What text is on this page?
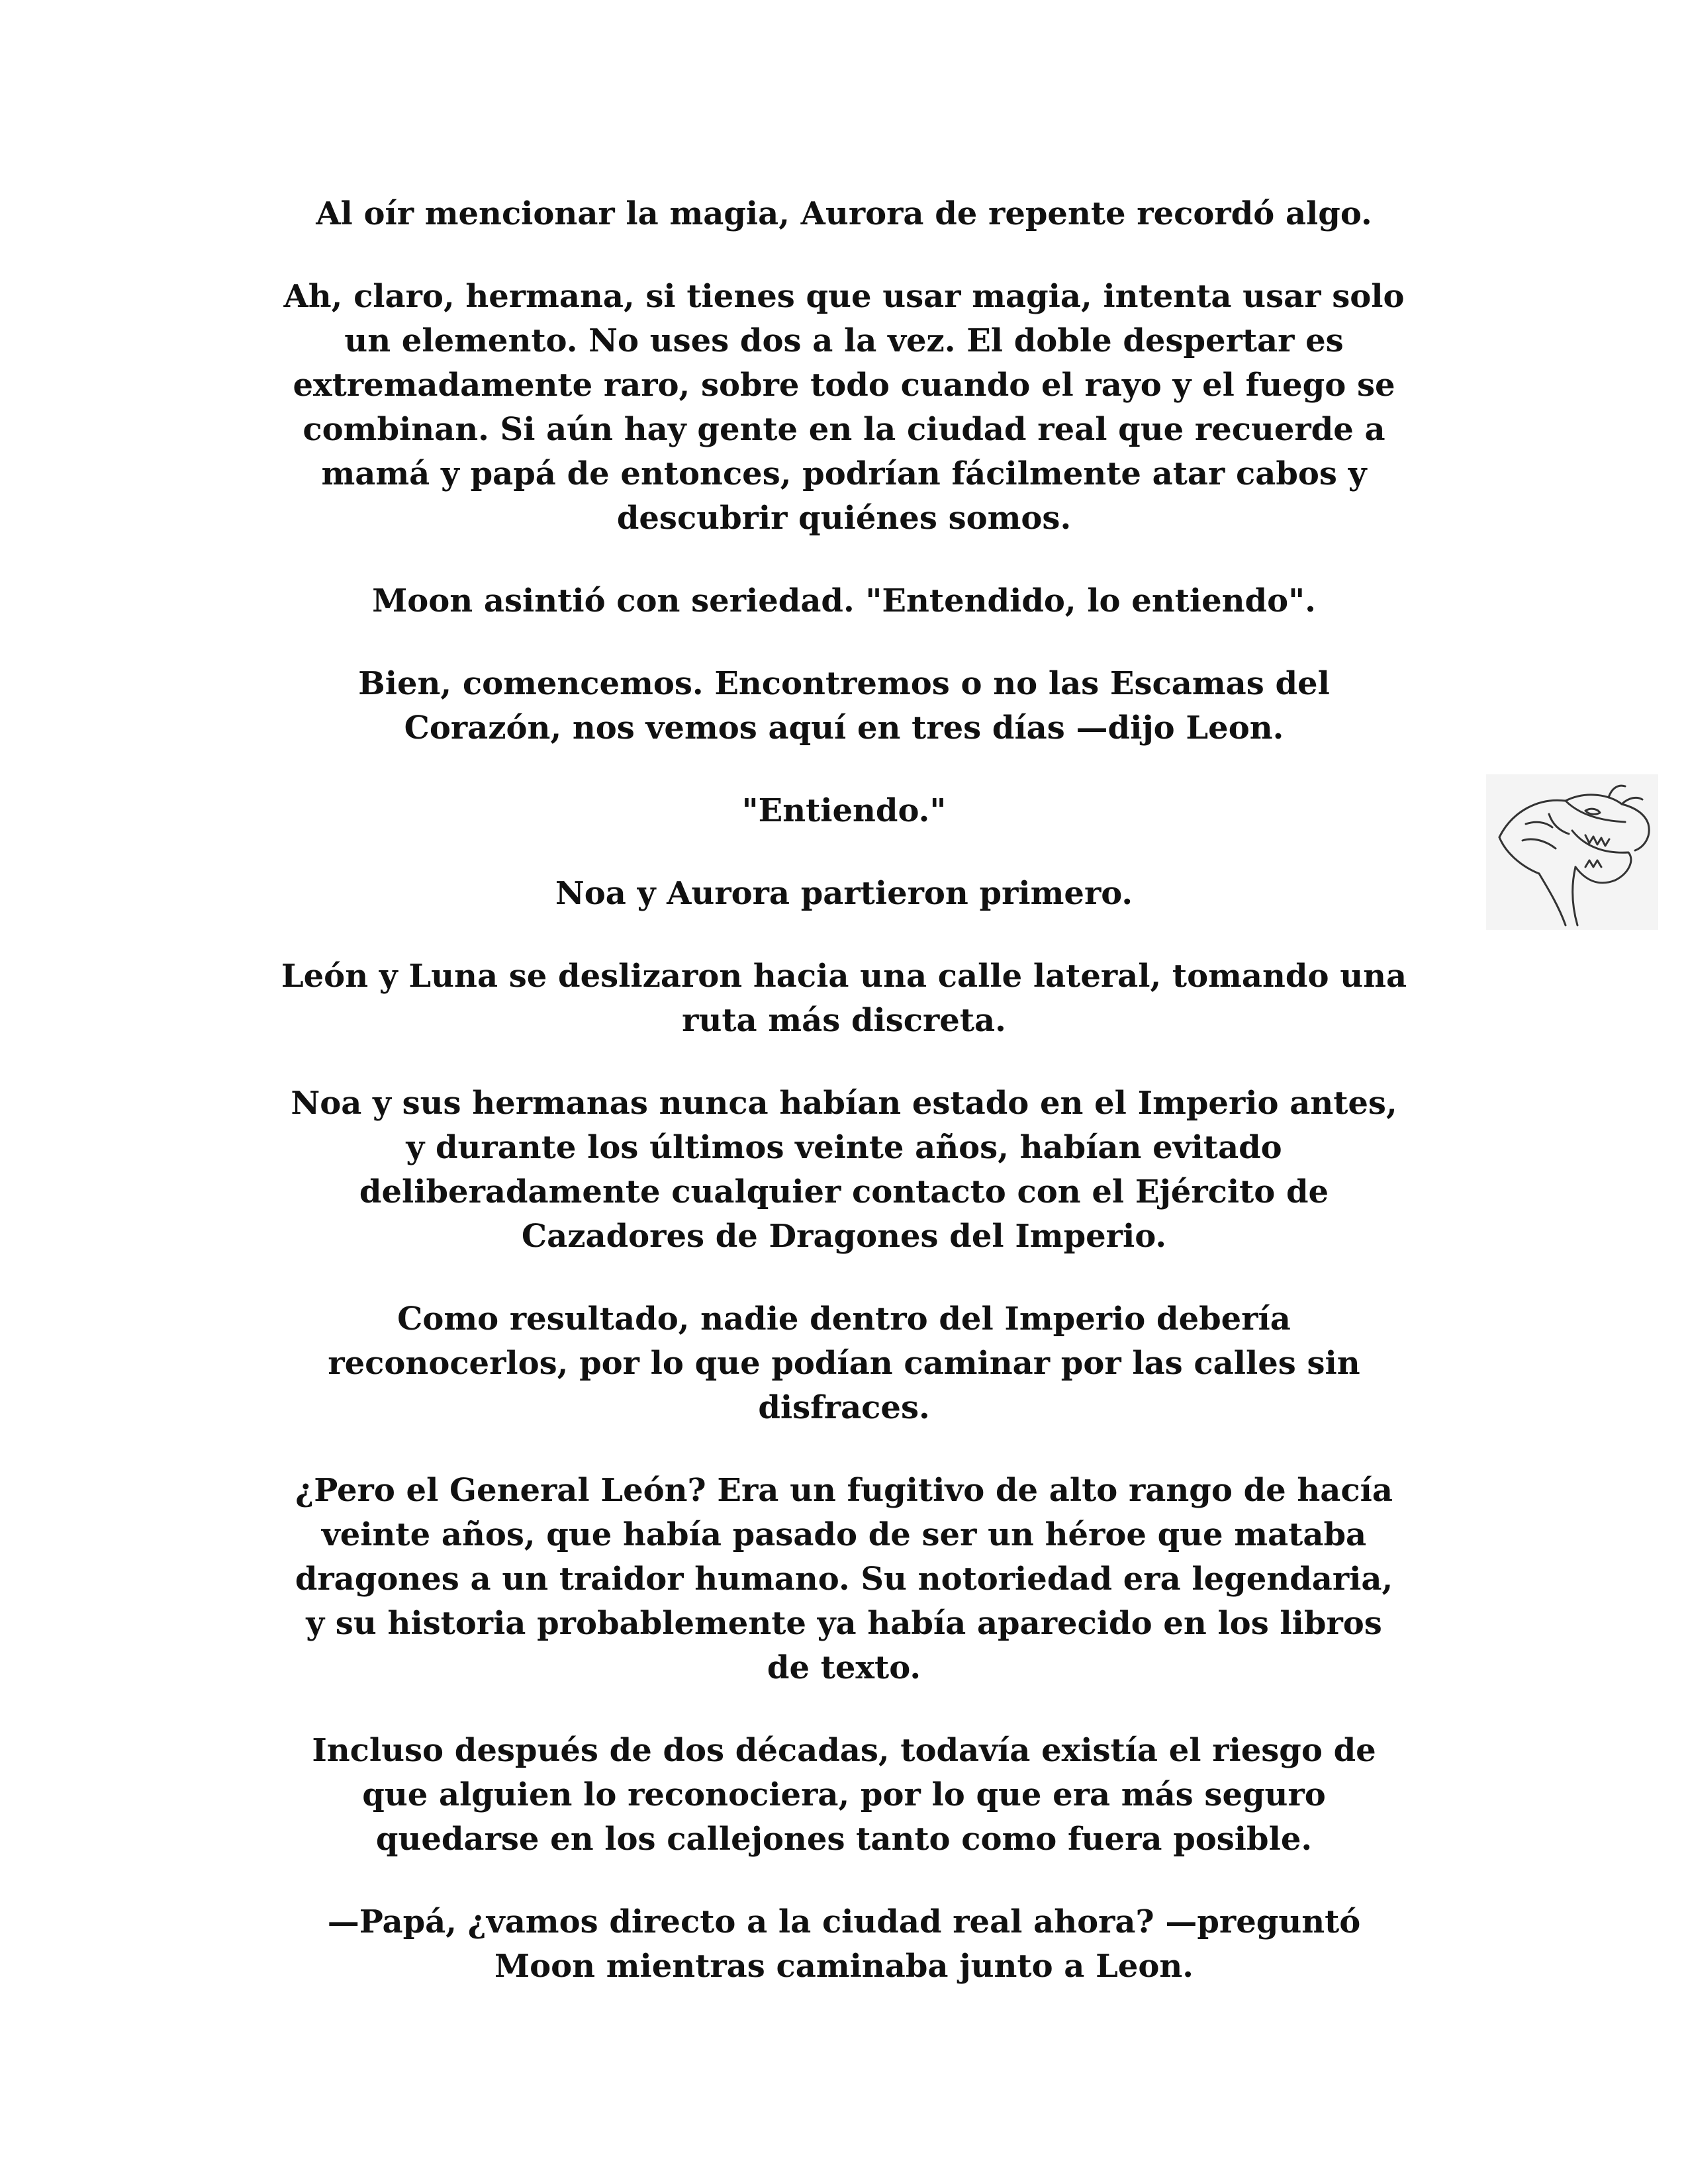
Al oír mencionar la magia, Aurora de repente recordó algo.

Ah, claro, hermana, si tienes que usar magia, intenta usar solo
un elemento. No uses dos a la vez. El doble despertar es
extremadamente raro, sobre todo cuando el rayo y el fuego se
combinan. Si aún hay gente en la ciudad real que recuerde a
mamá y papá de entonces, podrían fácilmente atar cabos y
descubrir quiénes somos.

Moon asintió con seriedad. "Entendido, lo entiendo".

Bien, comencemos. Encontremos o no las Escamas del
Corazón, nos vemos aquí en tres días —dijo Leon.

"Entiendo."

Noa y Aurora partieron primero.

León y Luna se deslizaron hacia una calle lateral, tomando una
ruta más discreta.

Noa y sus hermanas nunca habían estado en el Imperio antes,
y durante los últimos veinte años, habían evitado
deliberadamente cualquier contacto con el Ejército de
Cazadores de Dragones del Imperio.

Como resultado, nadie dentro del Imperio debería
reconocerlos, por lo que podían caminar por las calles sin
disfraces.

¿Pero el General León? Era un fugitivo de alto rango de hacía
veinte años, que había pasado de ser un héroe que mataba
dragones a un traidor humano. Su notoriedad era legendaria,
y su historia probablemente ya había aparecido en los libros
de texto.

Incluso después de dos décadas, todavía existía el riesgo de
que alguien lo reconociera, por lo que era más seguro
quedarse en los callejones tanto como fuera posible.

—Papá, ¿vamos directo a la ciudad real ahora? —preguntó
Moon mientras caminaba junto a Leon.
